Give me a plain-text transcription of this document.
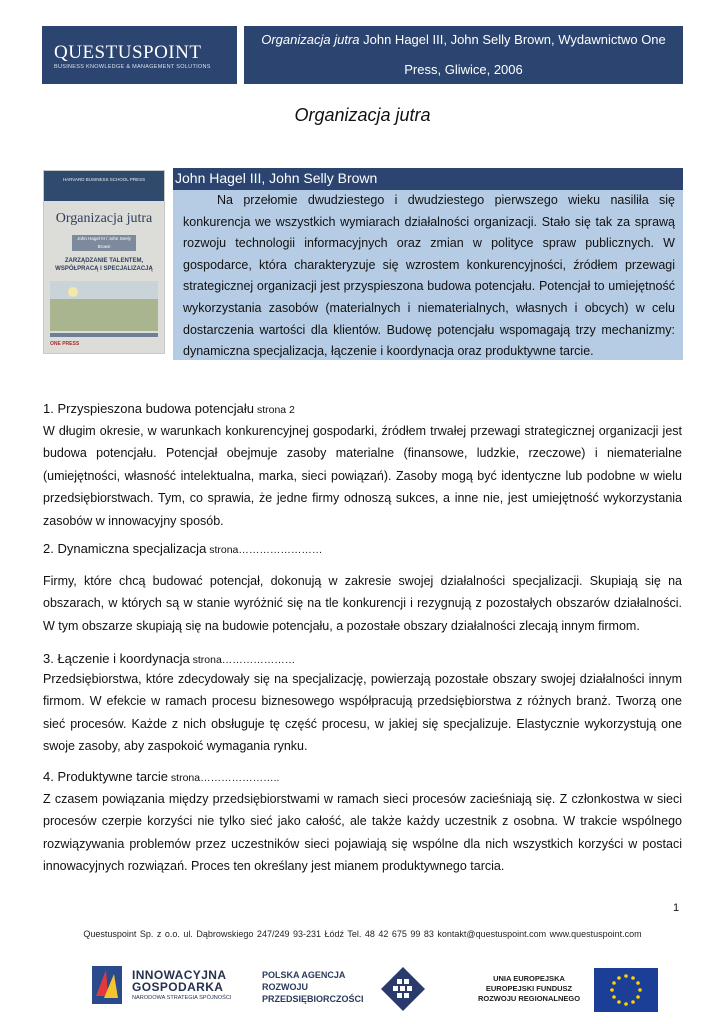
QUESTUSPOINT
BUSINESS KNOWLEDGE & MANAGEMENT SOLUTIONS
Organizacja jutra John Hagel III, John Selly Brown, Wydawnictwo One
Press, Gliwice, 2006
Organizacja jutra
HARVARD BUSINESS SCHOOL PRESS
Organizacja jutra
John Hagel III / John Seely Brown
ZARZĄDZANIE TALENTEM,
WSPÓŁPRACĄ I SPECJALIZACJĄ
ONE PRESS
John Hagel III, John Selly Brown
Na przełomie dwudziestego i dwudziestego pierwszego wieku nasiliła się konkurencja we wszystkich wymiarach działalności organizacji. Stało się tak za sprawą rozwoju technologii informacyjnych oraz zmian w polityce spraw publicznych. W gospodarce, która charakteryzuje się wzrostem konkurencyjności, źródłem przewagi strategicznej organizacji jest przyspieszona budowa potencjału. Potencjał to umiejętność wykorzystania zasobów (materialnych i niematerialnych, własnych i obcych) w celu dostarczenia wartości dla klientów. Budowę potencjału wspomagają trzy mechanizmy: dynamiczna specjalizacja, łączenie i koordynacja oraz produktywne tarcie.
1. Przyspieszona budowa potencjału strona 2
W długim okresie, w warunkach konkurencyjnej gospodarki, źródłem trwałej przewagi strategicznej organizacji jest budowa potencjału. Potencjał obejmuje zasoby materialne (finansowe, ludzkie, rzeczowe) i niematerialne (umiejętności, własność intelektualna, marka, sieci powiązań). Zasoby mogą być identyczne lub podobne w wielu przedsiębiorstwach. Tym, co sprawia, że jedne firmy odnoszą sukces, a inne nie, jest umiejętność wykorzystania zasobów w innowacyjny sposób.
2. Dynamiczna specjalizacja strona……………………
Firmy, które chcą budować potencjał, dokonują w zakresie swojej działalności specjalizacji. Skupiają się na obszarach, w których są w stanie wyróżnić się na tle konkurencji i rezygnują z pozostałych obszarów działalności. W tym obszarze skupiają się na budowie potencjału, a pozostałe obszary działalności zlecają innym firmom.
3. Łączenie i koordynacja strona…………………
Przedsiębiorstwa, które zdecydowały się na specjalizację, powierzają pozostałe obszary swojej działalności innym firmom. W efekcie w ramach procesu biznesowego współpracują przedsiębiorstwa z różnych branż. Tworzą one sieć procesów. Każde z nich obsługuje tę część procesu, w jakiej się specjalizuje. Elastycznie wykorzystują one swoje zasoby, aby zaspokoić wymagania rynku.
4. Produktywne tarcie strona…………………..
Z czasem powiązania między przedsiębiorstwami w ramach sieci procesów zacieśniają się. Z członkostwa w sieci procesów czerpie korzyści nie tylko sieć jako całość, ale także każdy uczestnik z osobna. W trakcie wspólnego rozwiązywania problemów przez uczestników sieci pojawiają się wspólne dla nich wszystkich korzyści w postaci innowacyjnych rozwiązań. Proces ten określany jest mianem produktywnego tarcia.
1
Questuspoint Sp. z o.o. ul. Dąbrowskiego 247/249 93-231 Łódź Tel. 48 42 675 99 83 kontakt@questuspoint.com www.questuspoint.com
INNOWACYJNA
GOSPODARKA
NARODOWA STRATEGIA SPÓJNOŚCI
POLSKA AGENCJA
ROZWOJU
PRZEDSIĘBIORCZOŚCI
UNIA EUROPEJSKA
EUROPEJSKI FUNDUSZ
ROZWOJU REGIONALNEGO
